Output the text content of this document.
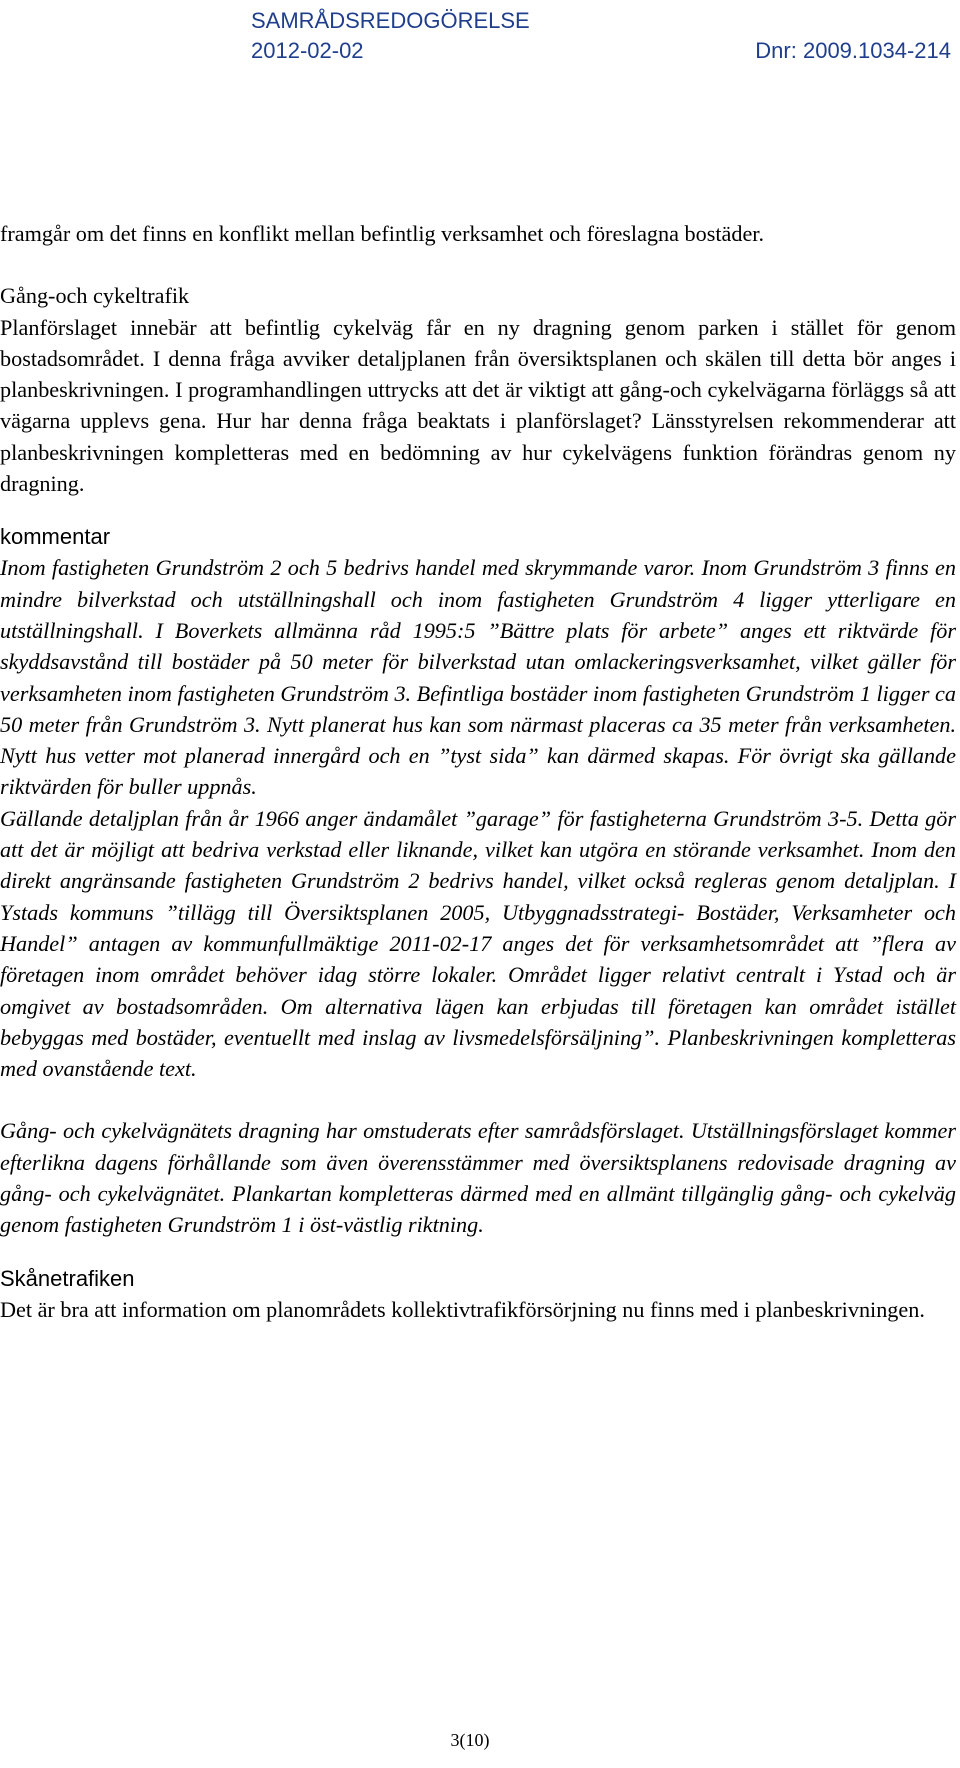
SAMRÅDSREDOGÖRELSE
2012-02-02	Dnr: 2009.1034-214

framgår om det finns en konflikt mellan befintlig verksamhet och föreslagna bostäder.

Gång-och cykeltrafik

Planförslaget innebär att befintlig cykelväg får en ny dragning genom parken i stället för genom bostadsområdet. I denna fråga avviker detaljplanen från översiktsplanen och skälen till detta bör anges i planbeskrivningen. I programhandlingen uttrycks att det är viktigt att gång-och cykelvägarna förläggs så att vägarna upplevs gena. Hur har denna fråga beaktats i planförslaget? Länsstyrelsen rekommenderar att planbeskrivningen kompletteras med en bedömning av hur cykelvägens funktion förändras genom ny dragning.

kommentar

Inom fastigheten Grundström 2 och 5 bedrivs handel med skrymmande varor. Inom Grundström 3 finns en mindre bilverkstad och utställningshall och inom fastigheten Grundström 4 ligger ytterligare en utställningshall. I Boverkets allmänna råd 1995:5 ”Bättre plats för arbete” anges ett riktvärde för skyddsavstånd till bostäder på 50 meter för bilverkstad utan omlackeringsverksamhet, vilket gäller för verksamheten inom fastigheten Grundström 3. Befintliga bostäder inom fastigheten Grundström 1 ligger ca 50 meter från Grundström 3. Nytt planerat hus kan som närmast placeras ca 35 meter från verksamheten. Nytt hus vetter mot planerad innergård och en ”tyst sida” kan därmed skapas. För övrigt ska gällande riktvärden för buller uppnås.

Gällande detaljplan från år 1966 anger ändamålet ”garage” för fastigheterna Grundström 3-5. Detta gör att det är möjligt att bedriva verkstad eller liknande, vilket kan utgöra en störande verksamhet. Inom den direkt angränsande fastigheten Grundström 2 bedrivs handel, vilket också regleras genom detaljplan. I Ystads kommuns ”tillägg till Översiktsplanen 2005, Utbyggnadsstrategi- Bostäder, Verksamheter och Handel” antagen av kommunfullmäktige 2011-02-17 anges det för verksamhetsområdet att ”flera av företagen inom området behöver idag större lokaler. Området ligger relativt centralt i Ystad och är omgivet av bostadsområden. Om alternativa lägen kan erbjudas till företagen kan området istället bebyggas med bostäder, eventuellt med inslag av livsmedelsförsäljning”. Planbeskrivningen kompletteras med ovanstående text.

Gång- och cykelvägnätets dragning har omstuderats efter samrådsförslaget. Utställningsförslaget kommer efterlikna dagens förhållande som även överensstämmer med översiktsplanens redovisade dragning av gång- och cykelvägnätet. Plankartan kompletteras därmed med en allmänt tillgänglig gång- och cykelväg genom fastigheten Grundström 1 i öst-västlig riktning.

Skånetrafiken

Det är bra att information om planområdets kollektivtrafikförsörjning nu finns med i planbeskrivningen.

3(10)
